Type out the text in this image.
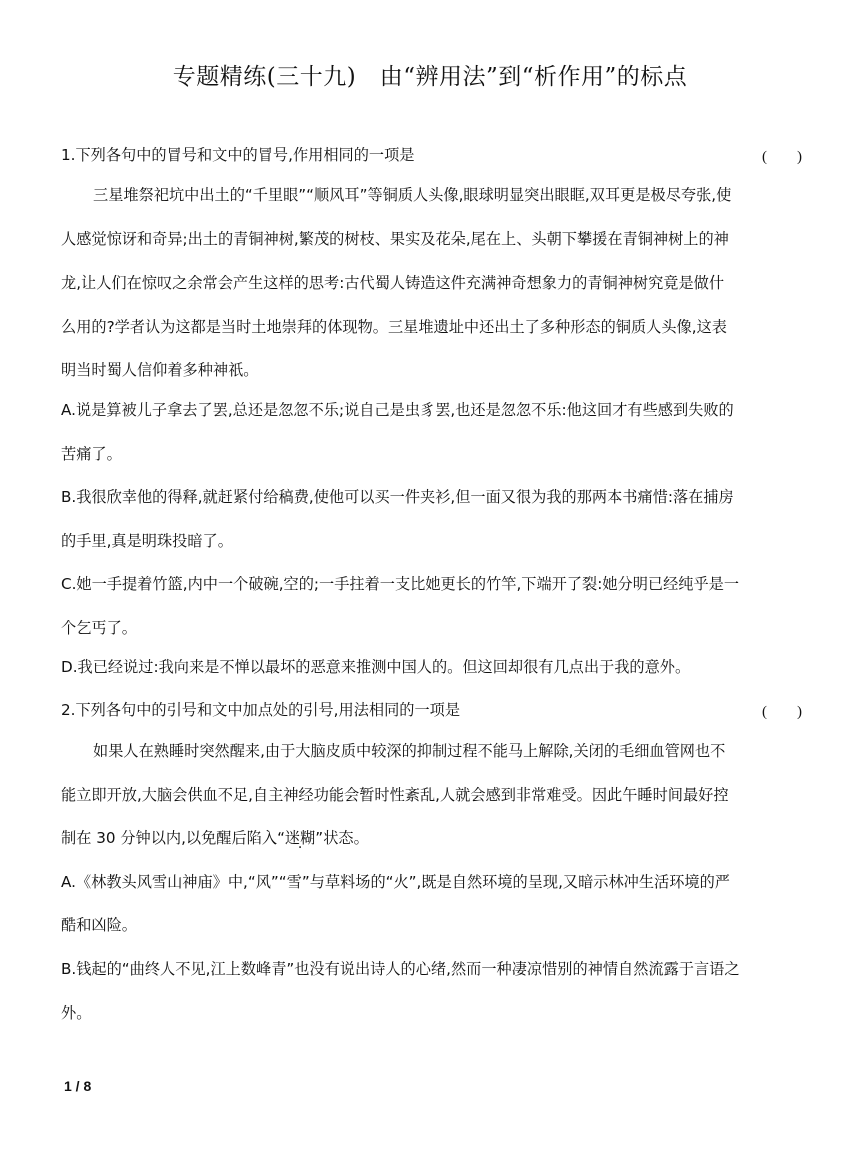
专题精练(三十九)　由“辨用法”到“析作用”的标点
1.下列各句中的冒号和文中的冒号,作用相同的一项是	(　　)
三星堆祭祀坑中出土的“千里眼”“顺风耳”等铜质人头像,眼球明显突出眼眶,双耳更是极尽夸张,使
人感觉惊讶和奇异;出土的青铜神树,繁茂的树枝、果实及花朵,尾在上、头朝下攀援在青铜神树上的神
龙,让人们在惊叹之余常会产生这样的思考:古代蜀人铸造这件充满神奇想象力的青铜神树究竟是做什
么用的?学者认为这都是当时土地崇拜的体现物。三星堆遗址中还出土了多种形态的铜质人头像,这表
明当时蜀人信仰着多种神祇。
A.说是算被儿子拿去了罢,总还是忽忽不乐;说自己是虫豸罢,也还是忽忽不乐:他这回才有些感到失败的
苦痛了。
B.我很欣幸他的得释,就赶紧付给稿费,使他可以买一件夹衫,但一面又很为我的那两本书痛惜:落在捕房
的手里,真是明珠投暗了。
C.她一手提着竹篮,内中一个破碗,空的;一手拄着一支比她更长的竹竿,下端开了裂:她分明已经纯乎是一
个乞丐了。
D.我已经说过:我向来是不惮以最坏的恶意来推测中国人的。但这回却很有几点出于我的意外。
2.下列各句中的引号和文中加点处的引号,用法相同的一项是	(　　)
如果人在熟睡时突然醒来,由于大脑皮质中较深的抑制过程不能马上解除,关闭的毛细血管网也不
能立即开放,大脑会供血不足,自主神经功能会暂时性紊乱,人就会感到非常难受。因此午睡时间最好控
制在 30 分钟以内,以免醒后陷入“迷糊” ·状态。
A.《林教头风雪山神庙》中,“风”“雪”与草料场的“火”,既是自然环境的呈现,又暗示林冲生活环境的严
酷和凶险。
B.钱起的“曲终人不见,江上数峰青”也没有说出诗人的心绪,然而一种凄凉惜别的神情自然流露于言语之
外。
1 / 8
